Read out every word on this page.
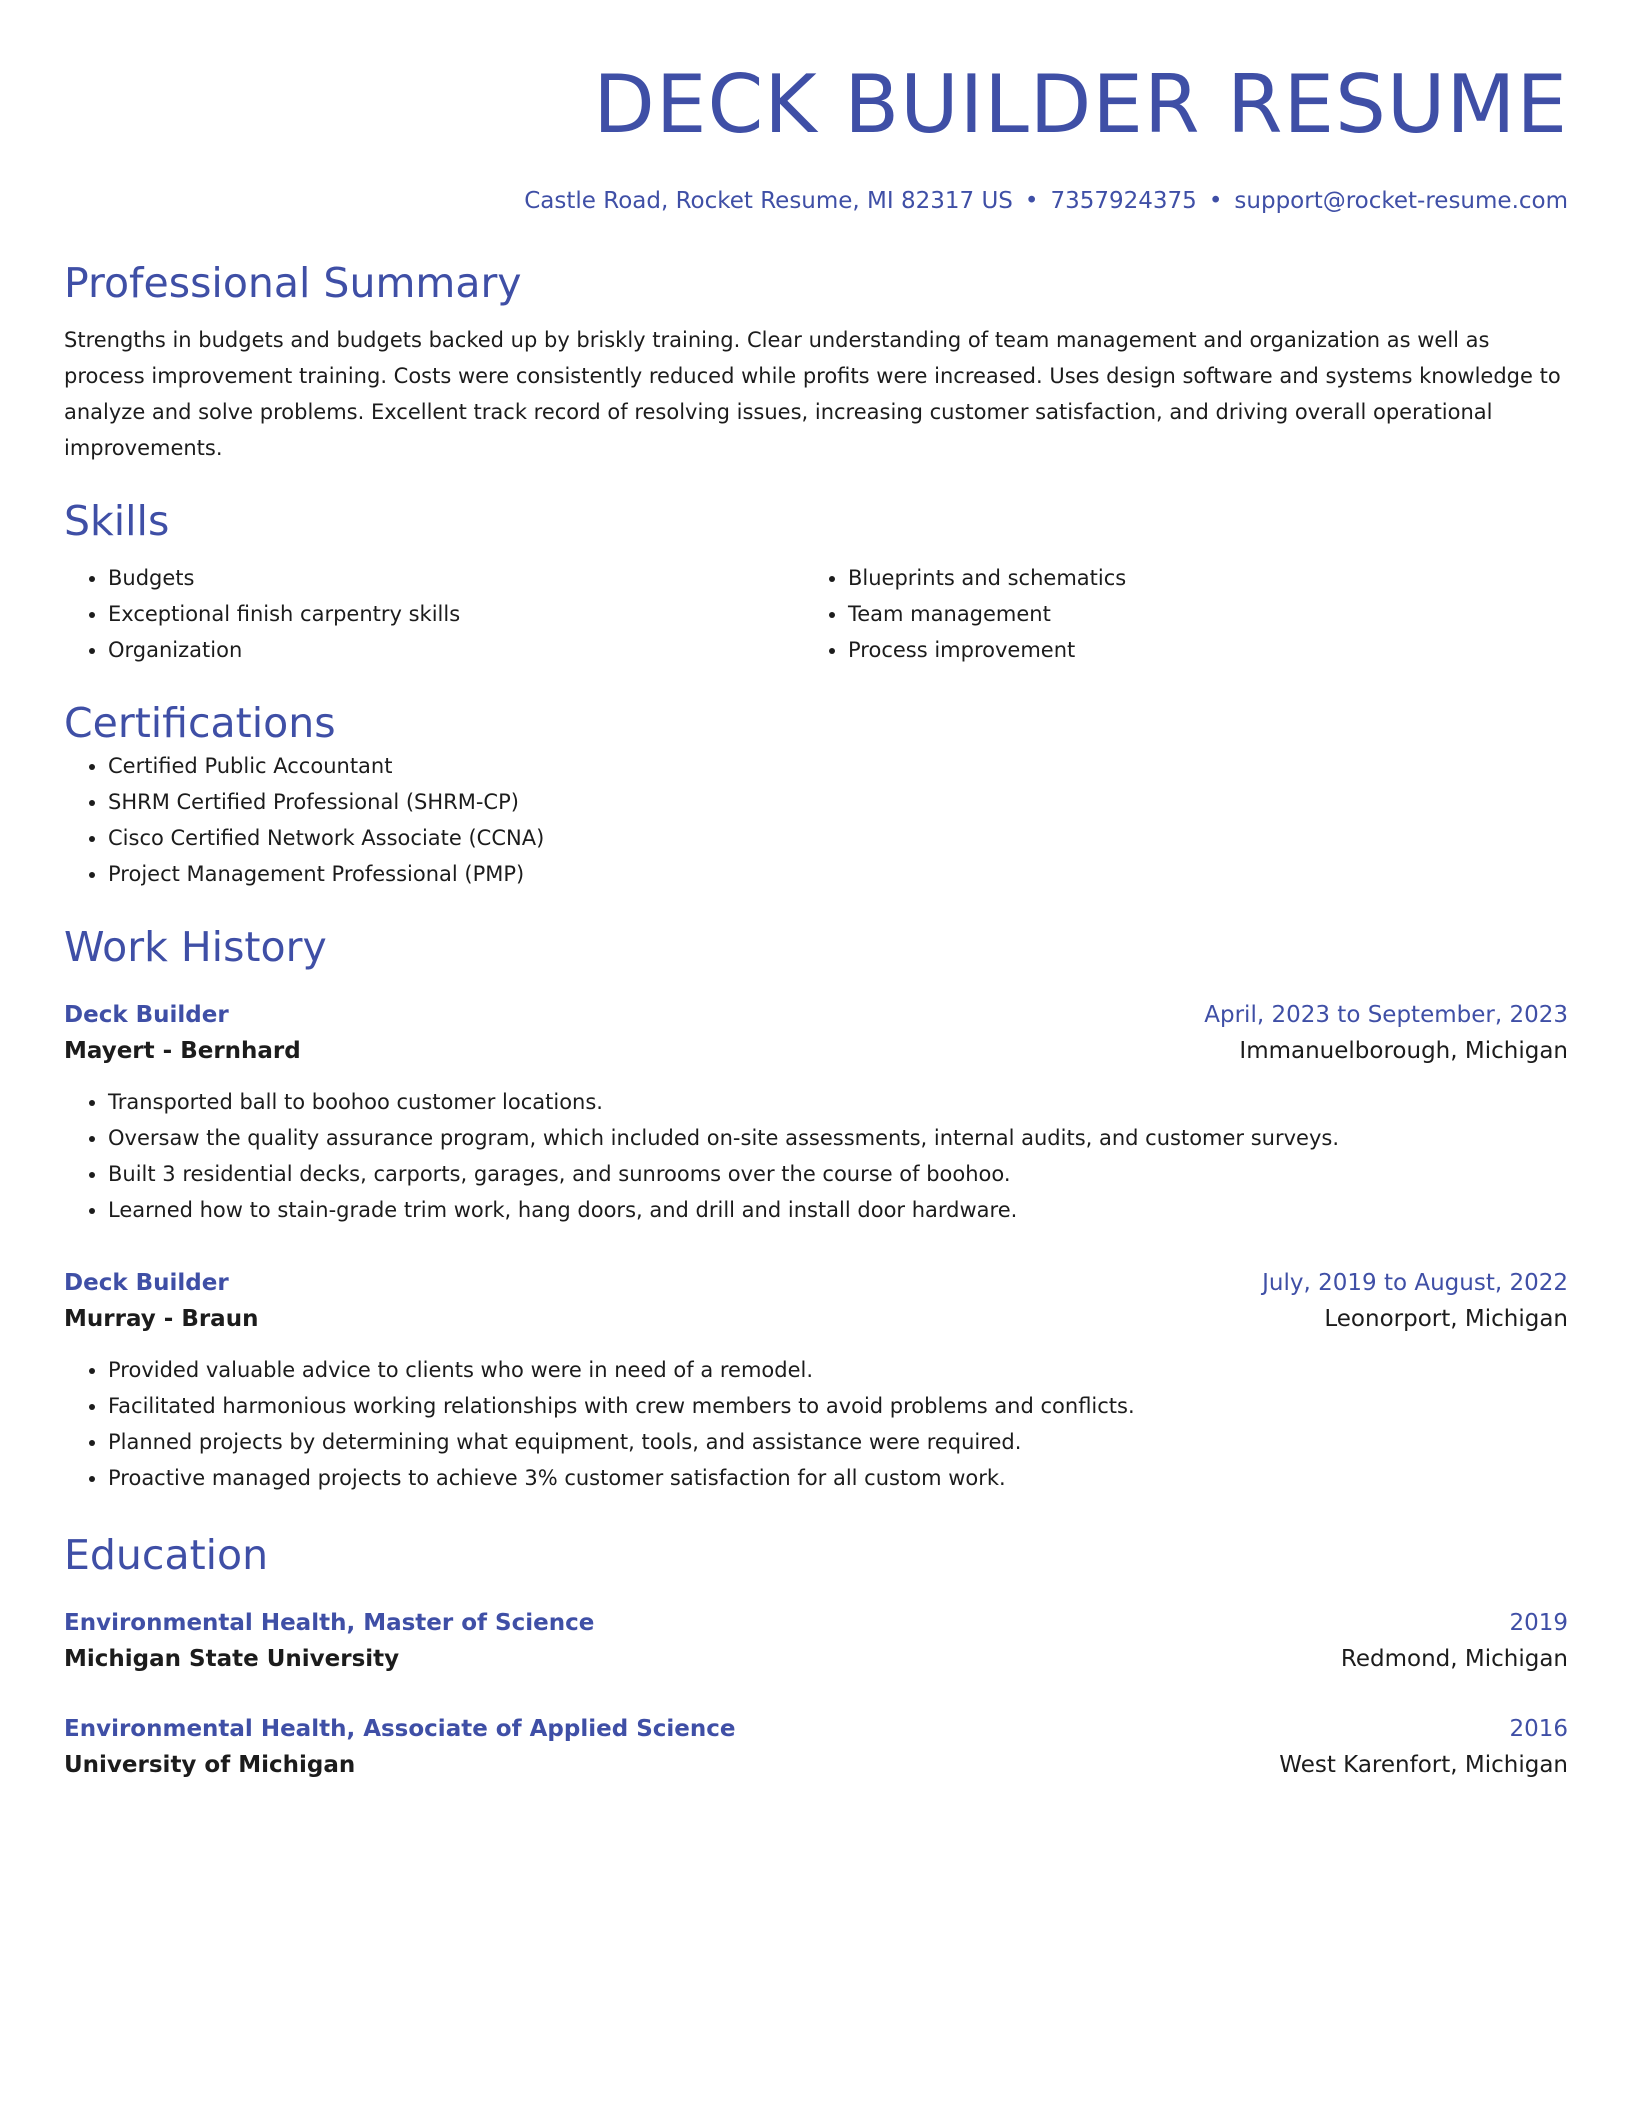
DECK BUILDER RESUME
Castle Road, Rocket Resume, MI 82317 US • 7357924375 • support@rocket-resume.com
Professional Summary
Strengths in budgets and budgets backed up by briskly training. Clear understanding of team management and organization as well as process improvement training. Costs were consistently reduced while profits were increased. Uses design software and systems knowledge to analyze and solve problems. Excellent track record of resolving issues, increasing customer satisfaction, and driving overall operational improvements.
Skills
• Budgets
• Exceptional finish carpentry skills
• Organization
• Blueprints and schematics
• Team management
• Process improvement
Certifications
• Certified Public Accountant
• SHRM Certified Professional (SHRM-CP)
• Cisco Certified Network Associate (CCNA)
• Project Management Professional (PMP)
Work History
Deck Builder	April, 2023 to September, 2023
Mayert - Bernhard	Immanuelborough, Michigan
• Transported ball to boohoo customer locations.
• Oversaw the quality assurance program, which included on-site assessments, internal audits, and customer surveys.
• Built 3 residential decks, carports, garages, and sunrooms over the course of boohoo.
• Learned how to stain-grade trim work, hang doors, and drill and install door hardware.
Deck Builder	July, 2019 to August, 2022
Murray - Braun	Leonorport, Michigan
• Provided valuable advice to clients who were in need of a remodel.
• Facilitated harmonious working relationships with crew members to avoid problems and conflicts.
• Planned projects by determining what equipment, tools, and assistance were required.
• Proactive managed projects to achieve 3% customer satisfaction for all custom work.
Education
Environmental Health, Master of Science	2019
Michigan State University	Redmond, Michigan
Environmental Health, Associate of Applied Science	2016
University of Michigan	West Karenfort, Michigan
